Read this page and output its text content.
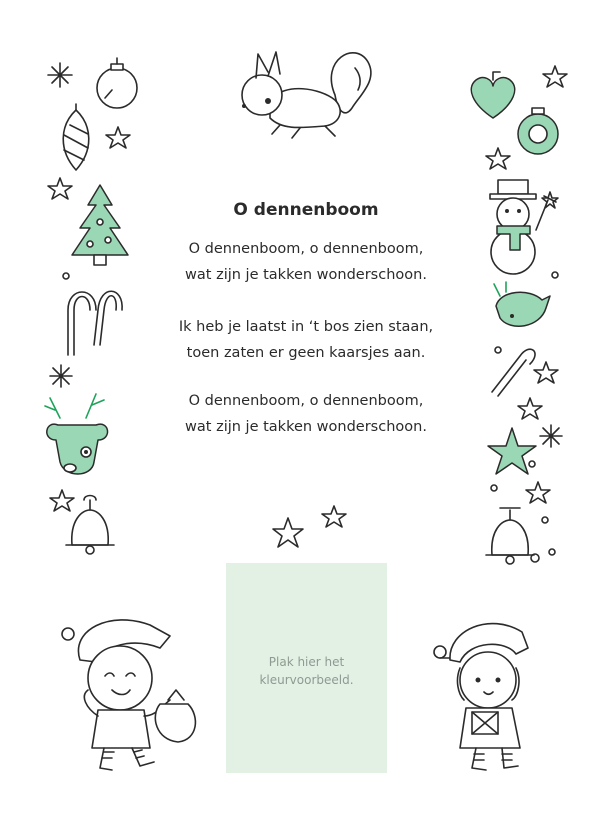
O dennenboom
O dennenboom, o dennenboom,
wat zijn je takken wonderschoon.
Ik heb je laatst in ‘t bos zien staan,
toen zaten er geen kaarsjes aan.
O dennenboom, o dennenboom,
wat zijn je takken wonderschoon.
Plak hier het
kleurvoorbeeld.
